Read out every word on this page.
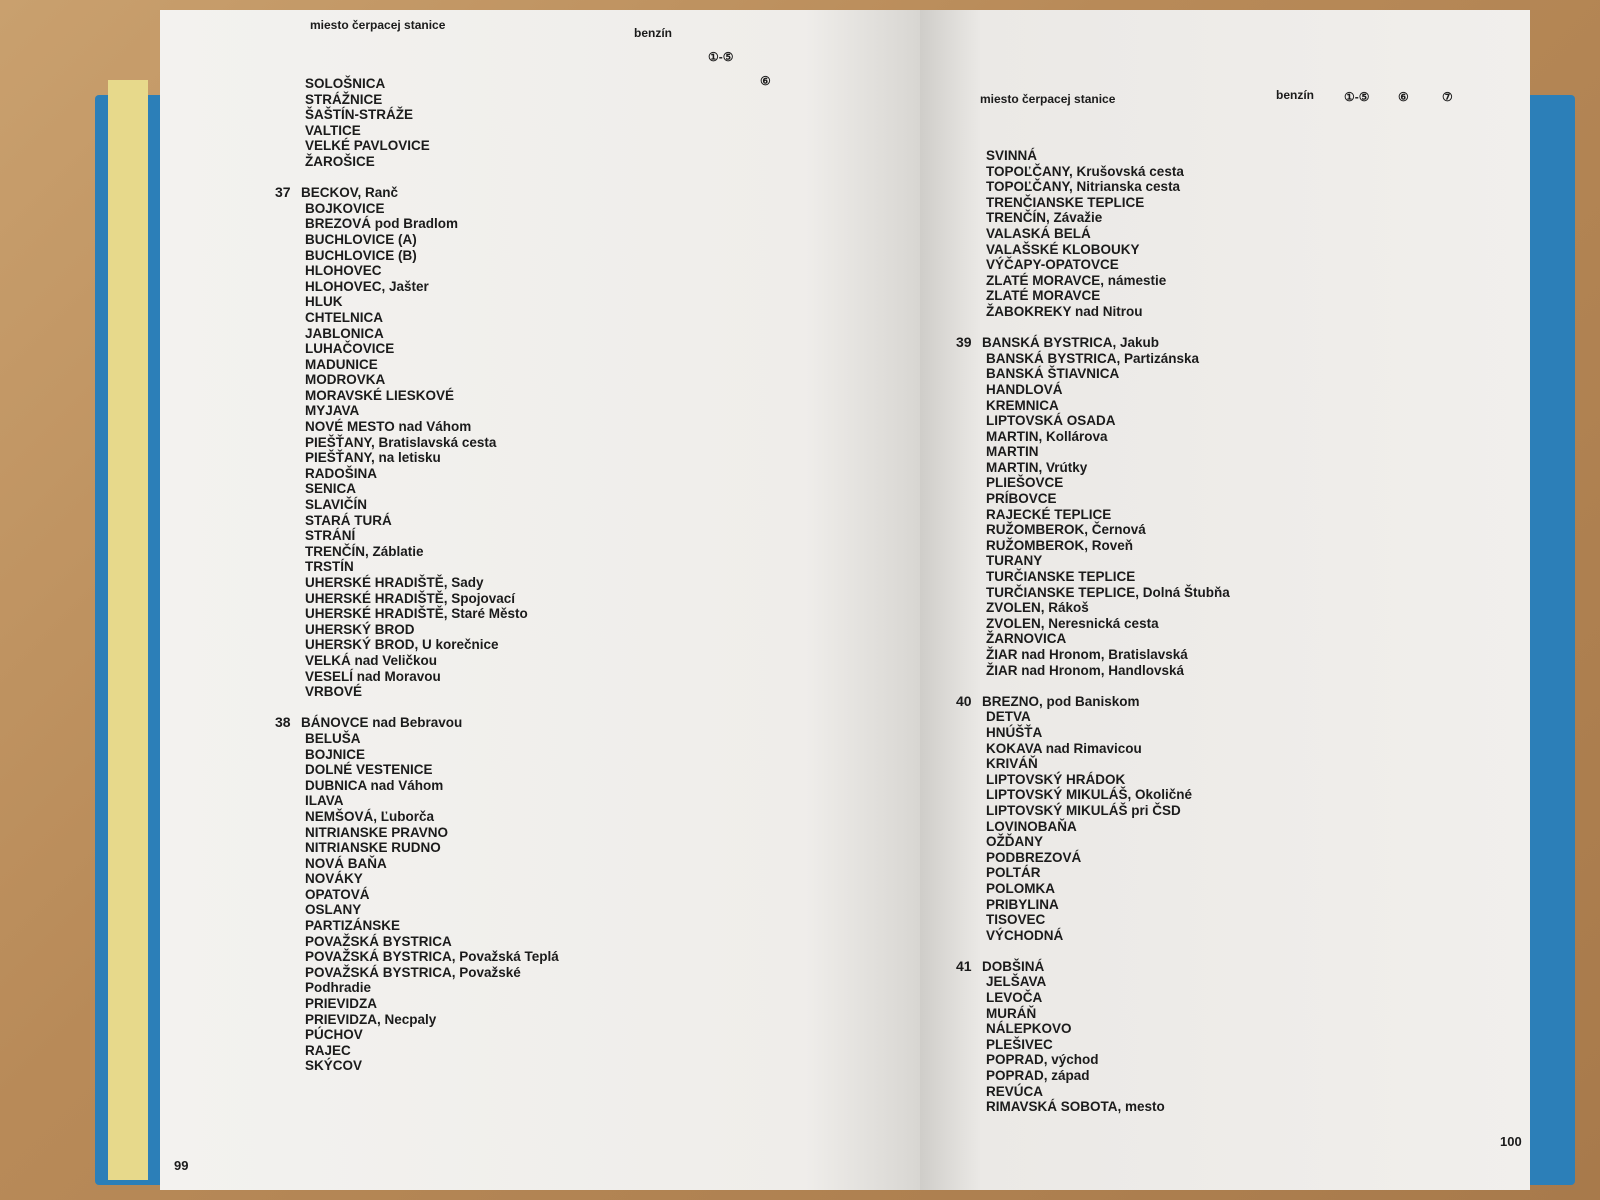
miesto čerpacej stanice
benzín
①-⑤
⑥
SOLOŠNICA
STRÁŽNICE
ŠAŠTÍN-STRÁŽE
VALTICE
VELKÉ PAVLOVICE
ŽAROŠICE
37 BECKOV, Ranč
BOJKOVICE
BREZOVÁ pod Bradlom
BUCHLOVICE (A)
BUCHLOVICE (B)
HLOHOVEC
HLOHOVEC, Jašter
HLUK
CHTELNICA
JABLONICA
LUHAČOVICE
MADUNICE
MODROVKA
MORAVSKÉ LIESKOVÉ
MYJAVA
NOVÉ MESTO nad Váhom
PIEŠŤANY, Bratislavská cesta
PIEŠŤANY, na letisku
RADOŠINA
SENICA
SLAVIČÍN
STARÁ TURÁ
STRÁNÍ
TRENČÍN, Záblatie
TRSTÍN
UHERSKÉ HRADIŠTĚ, Sady
UHERSKÉ HRADIŠTĚ, Spojovací
UHERSKÉ HRADIŠTĚ, Staré Město
UHERSKÝ BROD
UHERSKÝ BROD, U korečnice
VELKÁ nad Veličkou
VESELÍ nad Moravou
VRBOVÉ
38 BÁNOVCE nad Bebravou
BELUŠA
BOJNICE
DOLNÉ VESTENICE
DUBNICA nad Váhom
ILAVA
NEMŠOVÁ, Ľuborča
NITRIANSKE PRAVNO
NITRIANSKE RUDNO
NOVÁ BAŇA
NOVÁKY
OPATOVÁ
OSLANY
PARTIZÁNSKE
POVAŽSKÁ BYSTRICA
POVAŽSKÁ BYSTRICA, Považská Teplá
POVAŽSKÁ BYSTRICA, Považské
Podhradie
PRIEVIDZA
PRIEVIDZA, Necpaly
PÚCHOV
RAJEC
SKÝCOV
99
miesto čerpacej stanice	benzín	①-⑤ ⑥	⑦
SVINNÁ
TOPOĽČANY, Krušovská cesta
TOPOĽČANY, Nitrianska cesta
TRENČIANSKE TEPLICE
TRENČÍN, Závažie
VALASKÁ BELÁ
VALAŠSKÉ KLOBOUKY
VÝČAPY-OPATOVCE
ZLATÉ MORAVCE, námestie
ZLATÉ MORAVCE
ŽABOKREKY nad Nitrou
39 BANSKÁ BYSTRICA, Jakub
BANSKÁ BYSTRICA, Partizánska
BANSKÁ ŠTIAVNICA
HANDLOVÁ
KREMNICA
LIPTOVSKÁ OSADA
MARTIN, Kollárova
MARTIN
MARTIN, Vrútky
PLIEŠOVCE
PRÍBOVCE
RAJECKÉ TEPLICE
RUŽOMBEROK, Černová
RUŽOMBEROK, Roveň
TURANY
TURČIANSKE TEPLICE
TURČIANSKE TEPLICE, Dolná Štubňa
ZVOLEN, Rákoš
ZVOLEN, Neresnická cesta
ŽARNOVICA
ŽIAR nad Hronom, Bratislavská
ŽIAR nad Hronom, Handlovská
40 BREZNO, pod Baniskom
DETVA
HNÚŠŤA
KOKAVA nad Rimavicou
KRIVÁŇ
LIPTOVSKÝ HRÁDOK
LIPTOVSKÝ MIKULÁŠ, Okoličné
LIPTOVSKÝ MIKULÁŠ pri ČSD
LOVINOBAŇA
OŽĎANY
PODBREZOVÁ
POLTÁR
POLOMKA
PRIBYLINA
TISOVEC
VÝCHODNÁ
41 DOBŠINÁ
JELŠAVA
LEVOČA
MURÁŇ
NÁLEPKOVO
PLEŠIVEC
POPRAD, východ
POPRAD, západ
REVÚCA
RIMAVSKÁ SOBOTA, mesto
100
